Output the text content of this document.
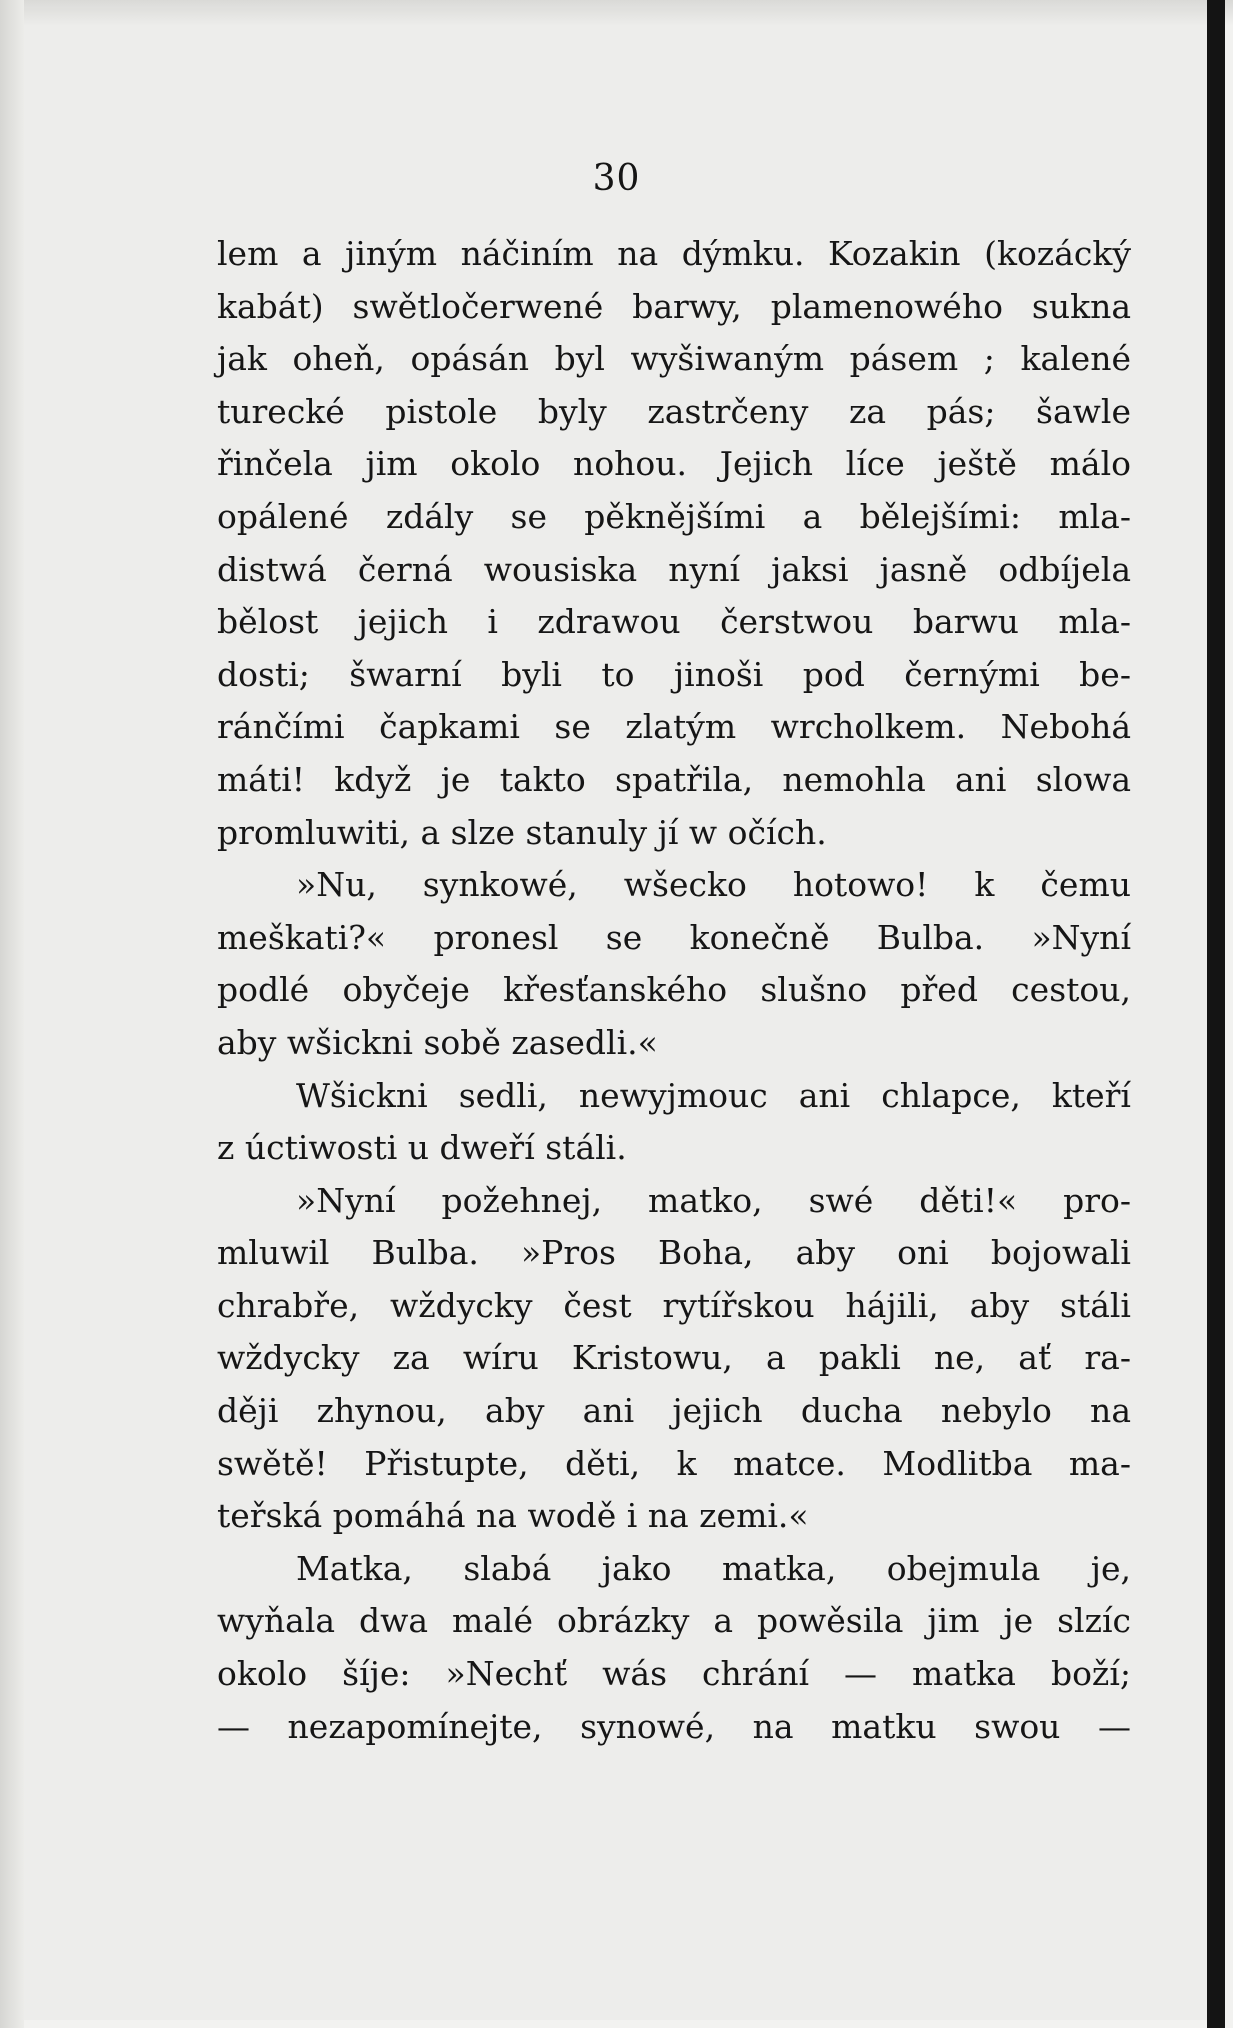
30
lem a jiným náčiním na dýmku. Kozakin (kozácký
kabát) swětločerwené barwy, plamenowého sukna
jak oheň, opásán byl wyšiwaným pásem ; kalené
turecké pistole byly zastrčeny za pás; šawle
řinčela jim okolo nohou. Jejich líce ještě málo
opálené zdály se pěknějšími a bělejšími: mla-
distwá černá wousiska nyní jaksi jasně odbíjela
bělost jejich i zdrawou čerstwou barwu mla-
dosti; šwarní byli to jinoši pod černými be-
ránčími čapkami se zlatým wrcholkem. Nebohá
máti! když je takto spatřila, nemohla ani slowa
promluwiti, a slze stanuly jí w očích.
»Nu, synkowé, wšecko hotowo! k čemu
meškati?« pronesl se konečně Bulba. »Nyní
podlé obyčeje křesťanského slušno před cestou,
aby wšickni sobě zasedli.«
Wšickni sedli, newyjmouc ani chlapce, kteří
z úctiwosti u dweří stáli.
»Nyní požehnej, matko, swé děti!« pro-
mluwil Bulba. »Pros Boha, aby oni bojowali
chrabře, wždycky čest rytířskou hájili, aby stáli
wždycky za wíru Kristowu, a pakli ne, ať ra-
ději zhynou, aby ani jejich ducha nebylo na
swětě! Přistupte, děti, k matce. Modlitba ma-
teřská pomáhá na wodě i na zemi.«
Matka, slabá jako matka, obejmula je,
wyňala dwa malé obrázky a powěsila jim je slzíc
okolo šíje: »Nechť wás chrání — matka boží;
— nezapomínejte, synowé, na matku swou —
